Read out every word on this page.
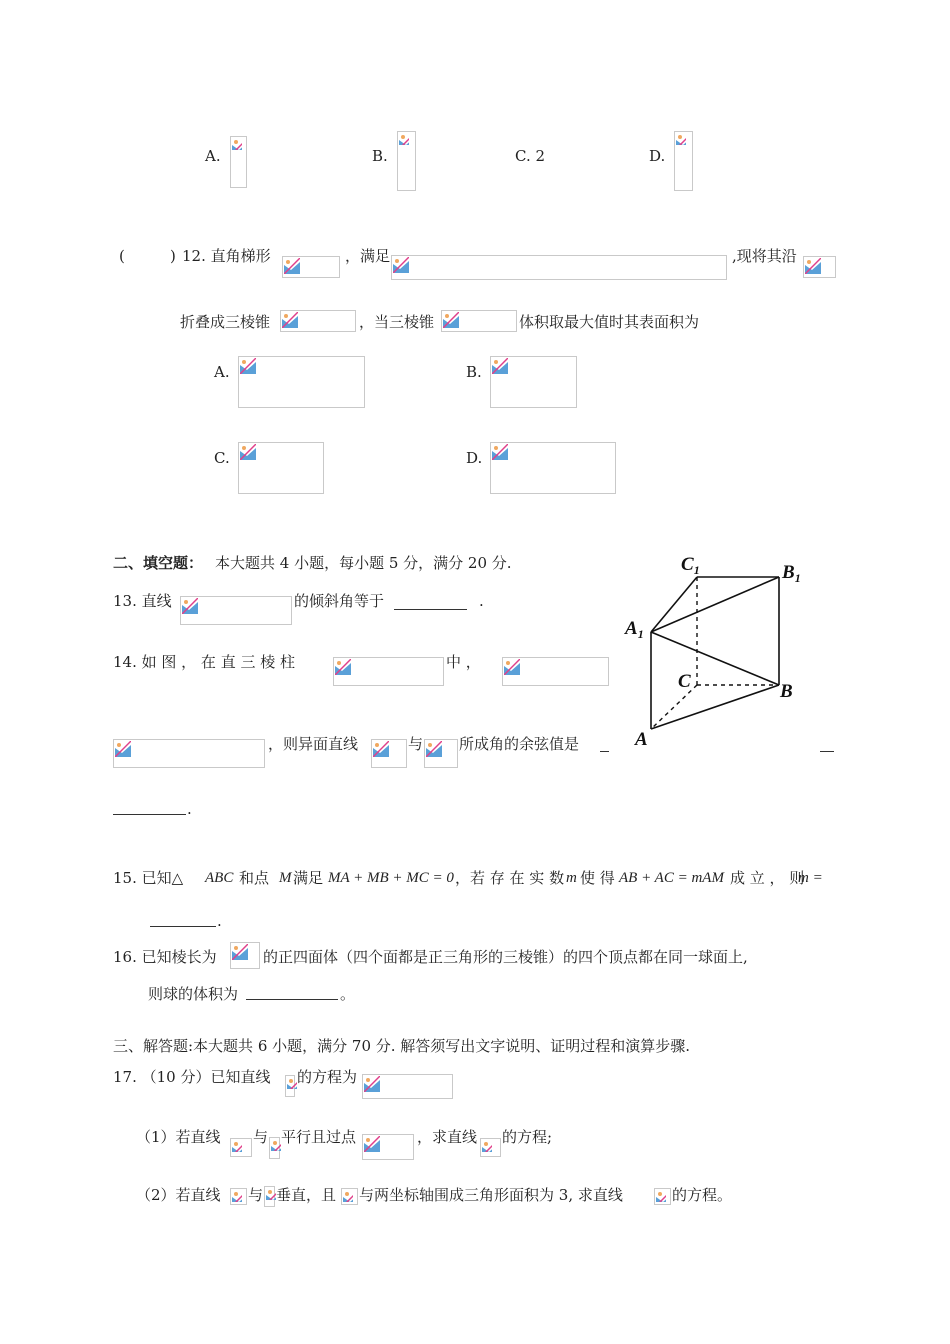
A.	B.	C. 2	D.
(	) 12. 直角梯形	，满足	,现将其沿
折叠成三棱锥	，当三棱锥	体积取最大值时其表面积为
A.	B.
C.	D.
二、填空题： 本大题共 4 小题，每小题 5 分，满分 20 分.
13. 直线	的倾斜角等于	.
14. 如 图 ， 在 直 三 棱 柱	中 ，
，则异面直线	与 所成角的余弦值是
.
$C_1$	$B_1$
$A_1$
C	B
A
15. 已知△ ABC 和点 M 满足 MA + MB + MC = 0 ，若 存 在 实 数 m 使 得 AB + AC = mAM 成 立 ， 则
m =
.
16. 已知棱长为	的正四面体（四个面都是正三角形的三棱锥）的四个顶点都在同一球面上,
则球的体积为	。
三、解答题:本大题共 6 小题，满分 70 分. 解答须写出文字说明、证明过程和演算步骤.
17. （10 分）已知直线 的方程为
（1）若直线 与 平行且过点	，求直线 的方程;
（2）若直线 与 垂直，且 与两坐标轴围成三角形面积为 3, 求直线	的方程。
